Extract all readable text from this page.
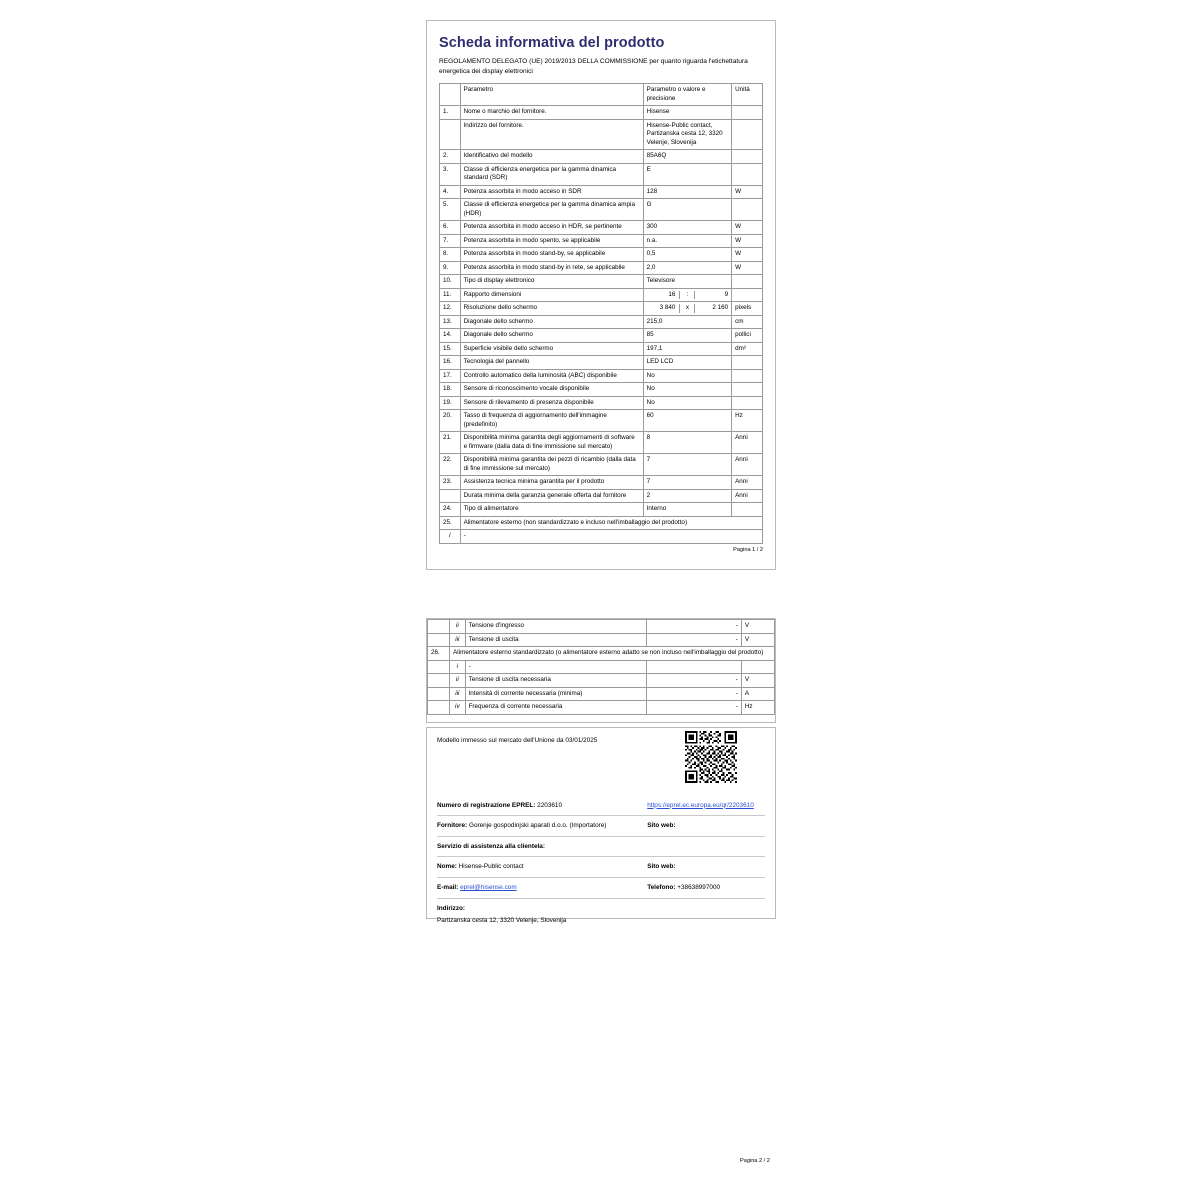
Scheda informativa del prodotto
REGOLAMENTO DELEGATO (UE) 2019/2013 DELLA COMMISSIONE per quanto riguarda l'etichettatura energetica dei display elettronici
	Parametro	Parametro o valore e precisione	Unità
1.	Nome o marchio del fornitore.	Hisense	
	Indirizzo del fornitore.	Hisense-Public contact, Partizanska cesta 12, 3320 Velenje, Slovenija	
2.	Identificativo del modello	85A6Q	
3.	Classe di efficienza energetica per la gamma dinamica standard (SDR)	E	
4.	Potenza assorbita in modo acceso in SDR	128	W
5.	Classe di efficienza energetica per la gamma dinamica ampia (HDR)	G	
6.	Potenza assorbita in modo acceso in HDR, se pertinente	300	W
7.	Potenza assorbita in modo spento, se applicabile	n.a.	W
8.	Potenza assorbita in modo stand-by, se applicabile	0,5	W
9.	Potenza assorbita in modo stand-by in rete, se applicabile	2,0	W
10.	Tipo di display elettronico	Televisore	
11.	Rapporto dimensioni	16 : 9	

12.	Risoluzione dello schermo	3 840 x 2 160	pixels
13.	Diagonale dello schermo	215,0	cm
14.	Diagonale dello schermo	85	pollici
15.	Superficie visibile dello schermo	197,1	dm²
16.	Tecnologia del pannello	LED LCD	
17.	Controllo automatico della luminosità (ABC) disponibile	No	
18.	Sensore di riconoscimento vocale disponibile	No	
19.	Sensore di rilevamento di presenza disponibile	No	
20.	Tasso di frequenza di aggiornamento dell'immagine (predefinito)	60	Hz
21.	Disponibilità minima garantita degli aggiornamenti di software e firmware (dalla data di fine immissione sul mercato)	8	Anni
22.	Disponibilità minima garantita dei pezzi di ricambio (dalla data di fine immissione sul mercato)	7	Anni
23.	Assistenza tecnica minima garantita per il prodotto	7	Anni
	Durata minima della garanzia generale offerta dal fornitore	2	Anni
24.	Tipo di alimentatore	Interno	
25.	Alimentatore esterno (non standardizzato e incluso nell'imballaggio del prodotto)		
i	-		
Pagina 1 / 2
	ii	Tensione d'ingresso	-	V
	iii	Tensione di uscita	-	V
26.	Alimentatore esterno standardizzato (o alimentatore esterno adatto se non incluso nell'imballaggio del prodotto)			
	i	-		
	ii	Tensione di uscita necessaria	-	V
	iii	Intensità di corrente necessaria (minima)	-	A
	iv	Frequenza di corrente necessaria	-	Hz
Modello immesso sul mercato dell'Unione da 03/01/2025
Numero di registrazione EPREL: 2203610	https://eprel.ec.europa.eu/qr/2203610
Fornitore: Gorenje gospodinjski aparati d.o.o. (Importatore)	Sito web:
Servizio di assistenza alla clientela:
Nome: Hisense-Public contact	Sito web:
E-mail: eprel@hisense.com	Telefono: +38638997000
Indirizzo:
Partizanska cesta 12, 3320 Velenje, Slovenija
Pagina 2 / 2
